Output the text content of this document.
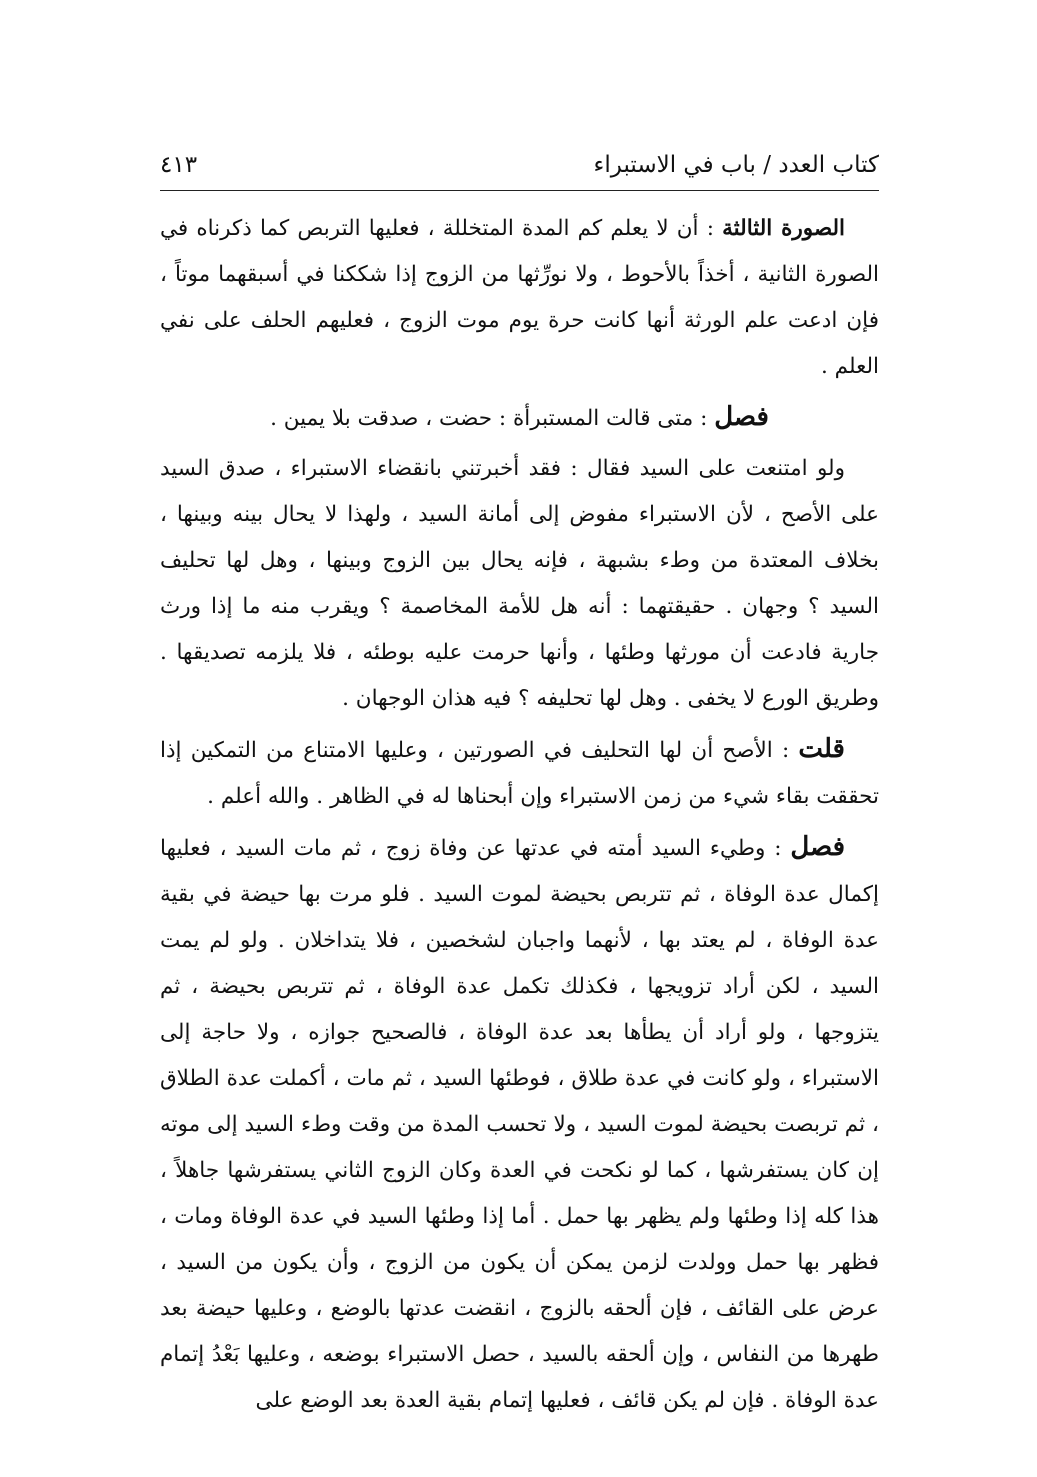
كتاب العدد / باب في الاستبراء
٤١٣

الصورة الثالثة : أن لا يعلم كم المدة المتخللة ، فعليها التربص كما ذكرناه في الصورة الثانية ، أخذاً بالأحوط ، ولا نورِّثها من الزوج إذا شككنا في أسبقهما موتاً ، فإن ادعت علم الورثة أنها كانت حرة يوم موت الزوج ، فعليهم الحلف على نفي العلم .

فصل : متى قالت المستبرأة : حضت ، صدقت بلا يمين .

ولو امتنعت على السيد فقال : فقد أخبرتني بانقضاء الاستبراء ، صدق السيد على الأصح ، لأن الاستبراء مفوض إلى أمانة السيد ، ولهذا لا يحال بينه وبينها ، بخلاف المعتدة من وطء بشبهة ، فإنه يحال بين الزوج وبينها ، وهل لها تحليف السيد ؟ وجهان . حقيقتهما : أنه هل للأمة المخاصمة ؟ ويقرب منه ما إذا ورث جارية فادعت أن مورثها وطئها ، وأنها حرمت عليه بوطئه ، فلا يلزمه تصديقها . وطريق الورع لا يخفى . وهل لها تحليفه ؟ فيه هذان الوجهان .

قلت : الأصح أن لها التحليف في الصورتين ، وعليها الامتناع من التمكين إذا تحققت بقاء شيء من زمن الاستبراء وإن أبحناها له في الظاهر . والله أعلم .

فصل : وطيء السيد أمته في عدتها عن وفاة زوج ، ثم مات السيد ، فعليها إكمال عدة الوفاة ، ثم تتربص بحيضة لموت السيد . فلو مرت بها حيضة في بقية عدة الوفاة ، لم يعتد بها ، لأنهما واجبان لشخصين ، فلا يتداخلان . ولو لم يمت السيد ، لكن أراد تزويجها ، فكذلك تكمل عدة الوفاة ، ثم تتربص بحيضة ، ثم يتزوجها ، ولو أراد أن يطأها بعد عدة الوفاة ، فالصحيح جوازه ، ولا حاجة إلى الاستبراء ، ولو كانت في عدة طلاق ، فوطئها السيد ، ثم مات ، أكملت عدة الطلاق ، ثم تربصت بحيضة لموت السيد ، ولا تحسب المدة من وقت وطء السيد إلى موته إن كان يستفرشها ، كما لو نكحت في العدة وكان الزوج الثاني يستفرشها جاهلاً ، هذا كله إذا وطئها ولم يظهر بها حمل . أما إذا وطئها السيد في عدة الوفاة ومات ، فظهر بها حمل وولدت لزمن يمكن أن يكون من الزوج ، وأن يكون من السيد ، عرض على القائف ، فإن ألحقه بالزوج ، انقضت عدتها بالوضع ، وعليها حيضة بعد طهرها من النفاس ، وإن ألحقه بالسيد ، حصل الاستبراء بوضعه ، وعليها بَعْدُ إتمام عدة الوفاة . فإن لم يكن قائف ، فعليها إتمام بقية العدة بعد الوضع على
